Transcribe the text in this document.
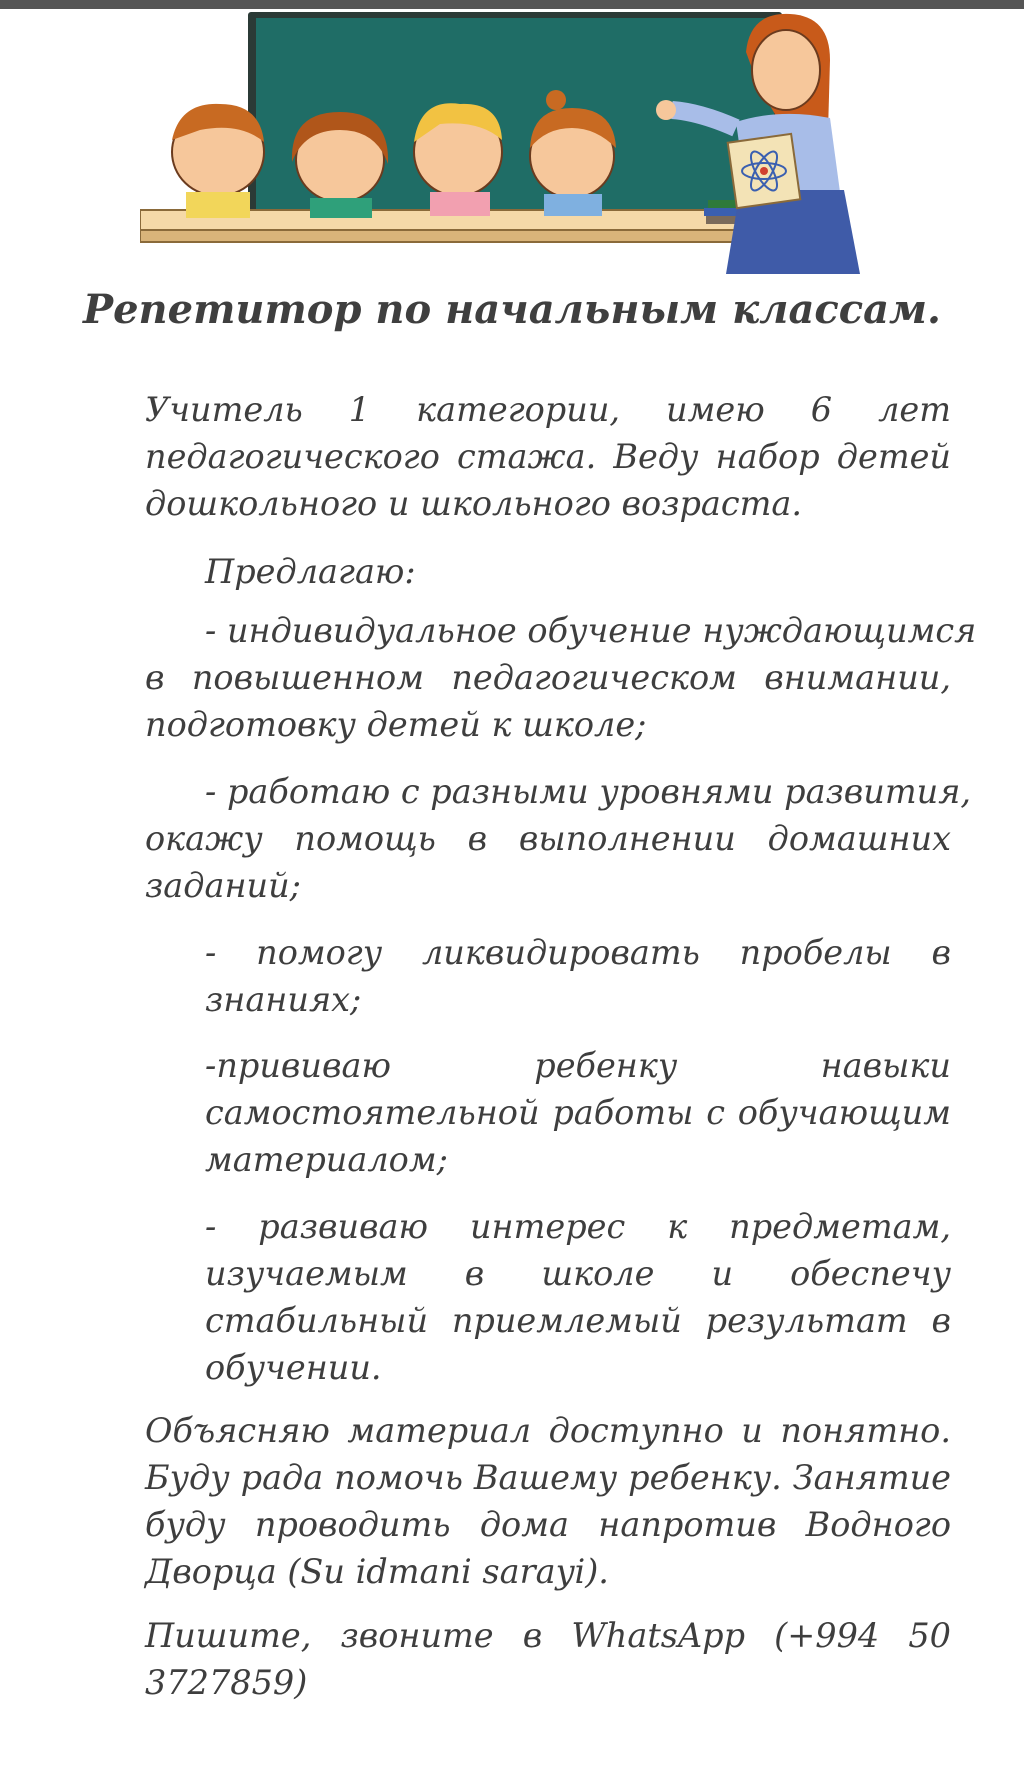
Репетитор по начальным классам.
Учитель 1 категории, имею 6 лет
педагогического стажа. Веду набор детей
дошкольного и школьного возраста.
Предлагаю:
- индивидуальное обучение нуждающимся
в повышенном педагогическом внимании,
подготовку детей к школе;
- работаю с разными уровнями развития,
окажу помощь в выполнении домашних
заданий;
- помогу ликвидировать пробелы в
знаниях;
-прививаю ребенку навыки
самостоятельной работы с обучающим
материалом;
- развиваю интерес к предметам,
изучаемым в школе и обеспечу
стабильный приемлемый результат в
обучении.
Объясняю материал доступно и понятно.
Буду рада помочь Вашему ребенку. Занятие
буду проводить дома напротив Водного
Дворца (Su idmani sarayi).
Пишите, звоните в WhatsApp (+994 50
3727859)
